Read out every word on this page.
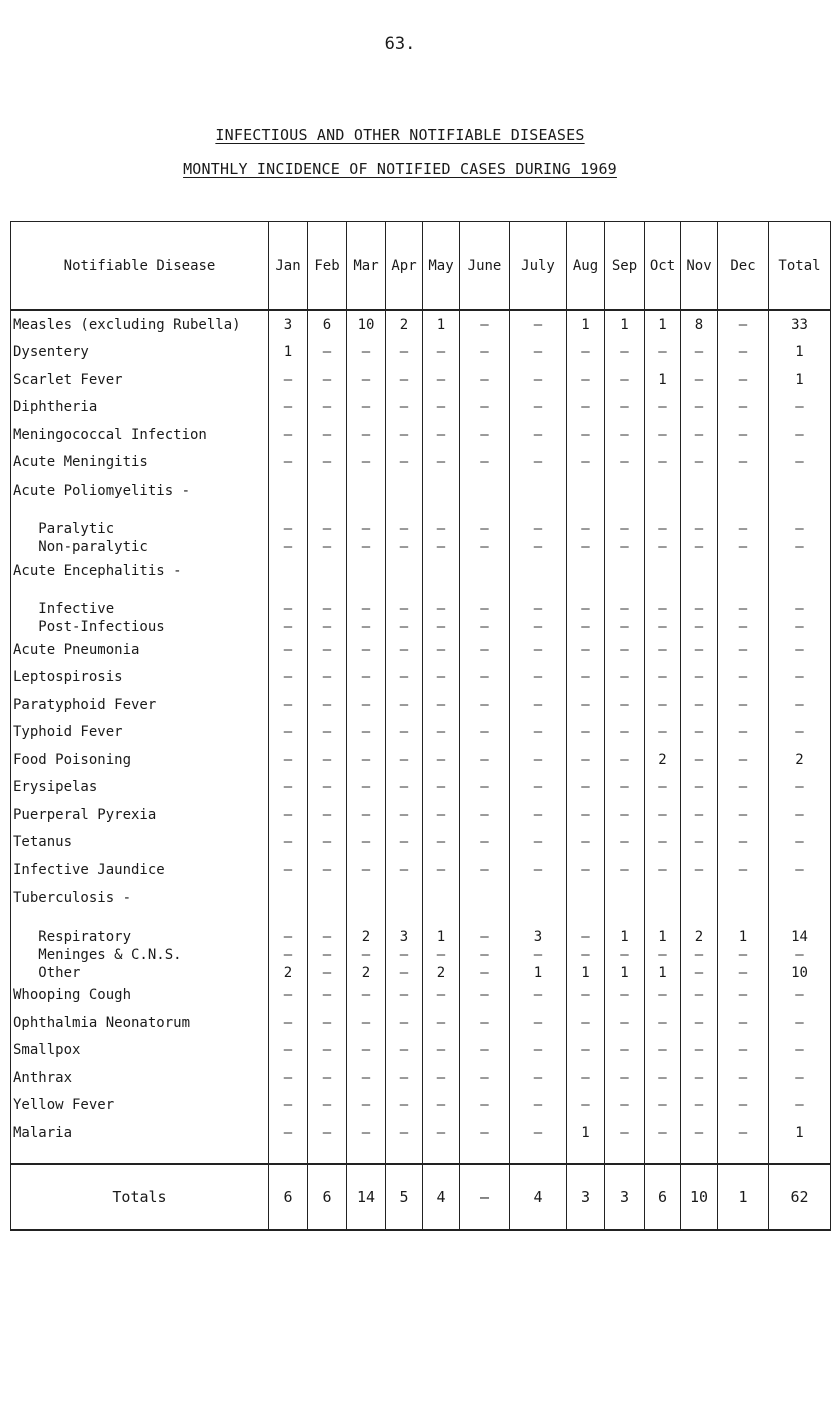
63.
INFECTIOUS AND OTHER NOTIFIABLE DISEASES
MONTHLY INCIDENCE OF NOTIFIED CASES DURING 1969
Notifiable Disease	Jan	Feb	Mar	Apr	May	June	July	Aug	Sep	Oct	Nov	Dec	Total
Measles (excluding Rubella)	3	6	10	2	1	–	–	1	1	1	8	–	33
Dysentery	1	–	–	–	–	–	–	–	–	–	–	–	1
Scarlet Fever	–	–	–	–	–	–	–	–	–	1	–	–	1
Diphtheria	–	–	–	–	–	–	–	–	–	–	–	–	–
Meningococcal Infection	–	–	–	–	–	–	–	–	–	–	–	–	–
Acute Meningitis	–	–	–	–	–	–	–	–	–	–	–	–	–
Acute Poliomyelitis -													
Paralytic	–	–	–	–	–	–	–	–	–	–	–	–	–
Non-paralytic	–	–	–	–	–	–	–	–	–	–	–	–	–
Acute Encephalitis -													
Infective	–	–	–	–	–	–	–	–	–	–	–	–	–
Post-Infectious	–	–	–	–	–	–	–	–	–	–	–	–	–
Acute Pneumonia	–	–	–	–	–	–	–	–	–	–	–	–	–
Leptospirosis	–	–	–	–	–	–	–	–	–	–	–	–	–
Paratyphoid Fever	–	–	–	–	–	–	–	–	–	–	–	–	–
Typhoid Fever	–	–	–	–	–	–	–	–	–	–	–	–	–
Food Poisoning	–	–	–	–	–	–	–	–	–	2	–	–	2
Erysipelas	–	–	–	–	–	–	–	–	–	–	–	–	–
Puerperal Pyrexia	–	–	–	–	–	–	–	–	–	–	–	–	–
Tetanus	–	–	–	–	–	–	–	–	–	–	–	–	–
Infective Jaundice	–	–	–	–	–	–	–	–	–	–	–	–	–
Tuberculosis -													
Respiratory	–	–	2	3	1	–	3	–	1	1	2	1	14
Meninges & C.N.S.	–	–	–	–	–	–	–	–	–	–	–	–	–
Other	2	–	2	–	2	–	1	1	1	1	–	–	10
Whooping Cough	–	–	–	–	–	–	–	–	–	–	–	–	–
Ophthalmia Neonatorum	–	–	–	–	–	–	–	–	–	–	–	–	–
Smallpox	–	–	–	–	–	–	–	–	–	–	–	–	–
Anthrax	–	–	–	–	–	–	–	–	–	–	–	–	–
Yellow Fever	–	–	–	–	–	–	–	–	–	–	–	–	–
Malaria	–	–	–	–	–	–	–	1	–	–	–	–	1
Totals	6	6	14	5	4	–	4	3	3	6	10	1	62
